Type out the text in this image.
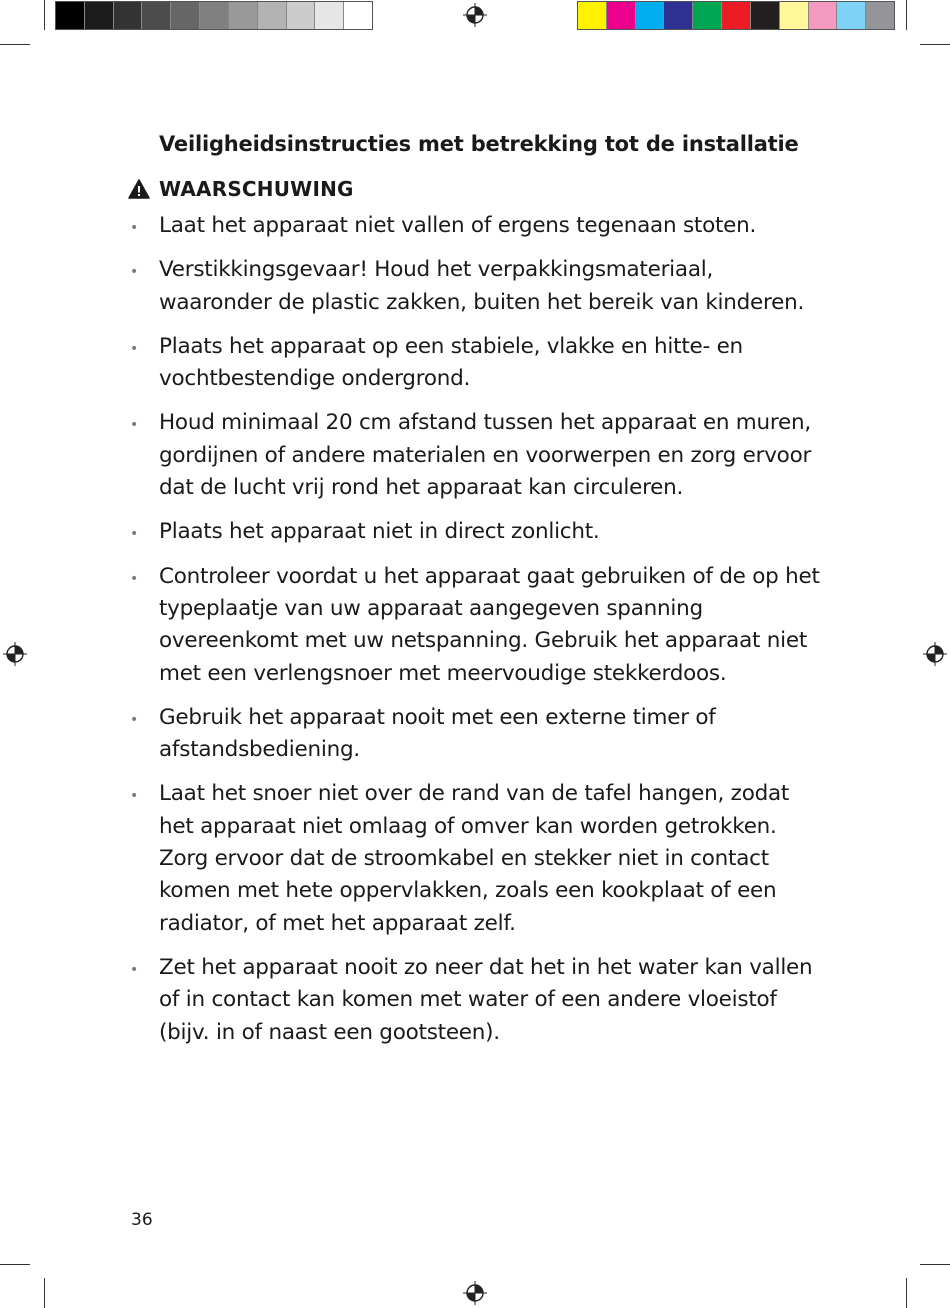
Veiligheidsinstructies met betrekking tot de installatie
WAARSCHUWING
• Laat het apparaat niet vallen of ergens tegenaan stoten.
• Verstikkingsgevaar! Houd het verpakkingsmateriaal, waaronder de plastic zakken, buiten het bereik van kinderen.
• Plaats het apparaat op een stabiele, vlakke en hitte- en vochtbestendige ondergrond.
• Houd minimaal 20 cm afstand tussen het apparaat en muren, gordijnen of andere materialen en voorwerpen en zorg ervoor dat de lucht vrij rond het apparaat kan circuleren.
• Plaats het apparaat niet in direct zonlicht.
• Controleer voordat u het apparaat gaat gebruiken of de op het typeplaatje van uw apparaat aangegeven spanning overeenkomt met uw netspanning. Gebruik het apparaat niet met een verlengsnoer met meervoudige stekkerdoos.
• Gebruik het apparaat nooit met een externe timer of afstandsbediening.
• Laat het snoer niet over de rand van de tafel hangen, zodat het apparaat niet omlaag of omver kan worden getrokken. Zorg ervoor dat de stroomkabel en stekker niet in contact komen met hete oppervlakken, zoals een kookplaat of een radiator, of met het apparaat zelf.
• Zet het apparaat nooit zo neer dat het in het water kan vallen of in contact kan komen met water of een andere vloeistof (bijv. in of naast een gootsteen).
36
